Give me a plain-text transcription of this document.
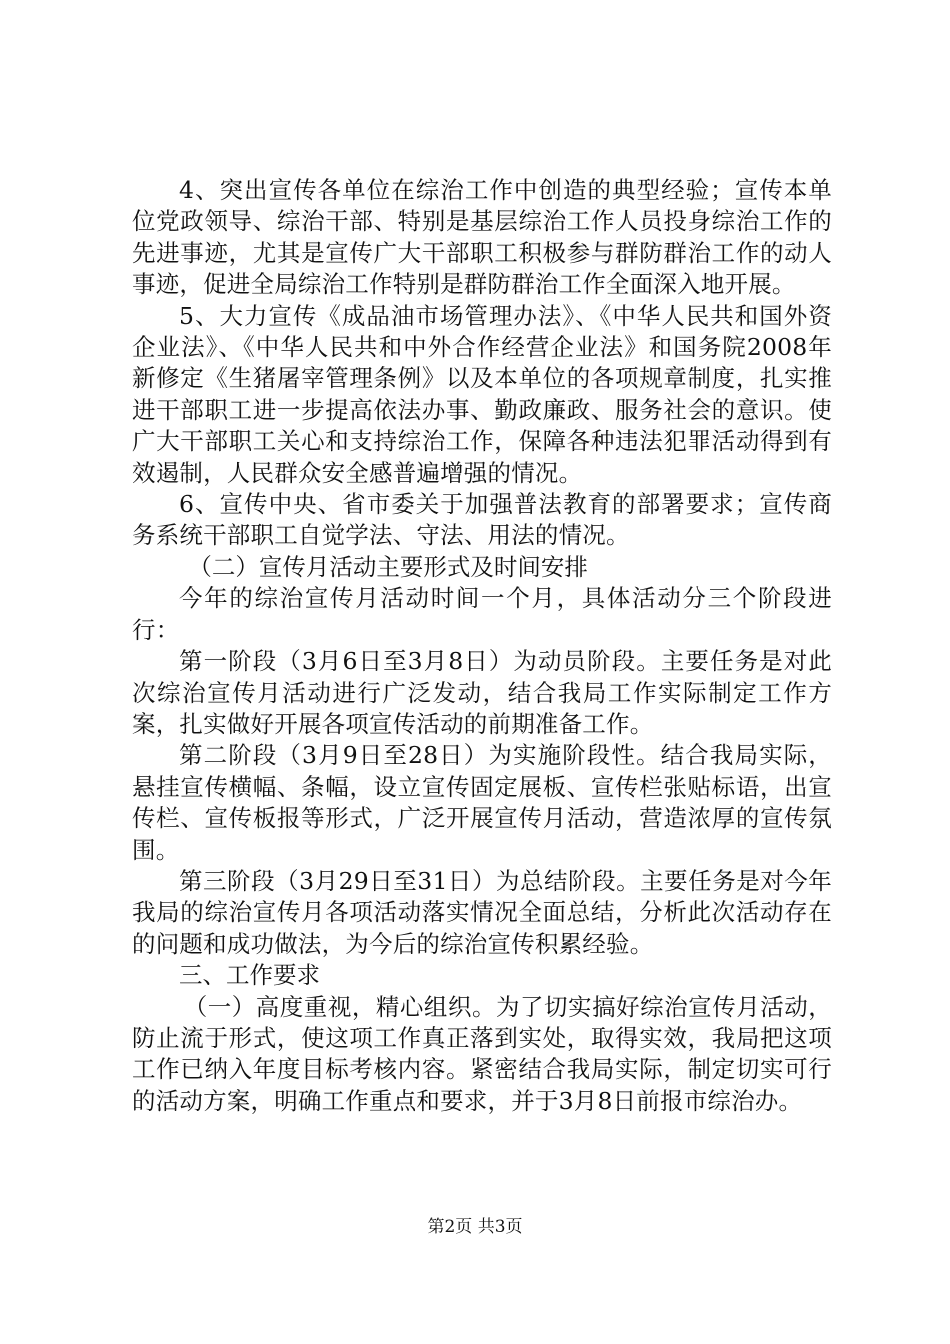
4、突出宣传各单位在综治工作中创造的典型经验；宣传本单位党政领导、综治干部、特别是基层综治工作人员投身综治工作的先进事迹，尤其是宣传广大干部职工积极参与群防群治工作的动人事迹，促进全局综治工作特别是群防群治工作全面深入地开展。

5、大力宣传《成品油市场管理办法》、《中华人民共和国外资企业法》、《中华人民共和中外合作经营企业法》和国务院2008年新修定《生猪屠宰管理条例》以及本单位的各项规章制度，扎实推进干部职工进一步提高依法办事、勤政廉政、服务社会的意识。使广大干部职工关心和支持综治工作，保障各种违法犯罪活动得到有效遏制，人民群众安全感普遍增强的情况。

6、宣传中央、省市委关于加强普法教育的部署要求；宣传商务系统干部职工自觉学法、守法、用法的情况。

（二）宣传月活动主要形式及时间安排

今年的综治宣传月活动时间一个月，具体活动分三个阶段进行：

第一阶段（3月6日至3月8日）为动员阶段。主要任务是对此次综治宣传月活动进行广泛发动，结合我局工作实际制定工作方案，扎实做好开展各项宣传活动的前期准备工作。

第二阶段（3月9日至28日）为实施阶段性。结合我局实际，悬挂宣传横幅、条幅，设立宣传固定展板、宣传栏张贴标语，出宣传栏、宣传板报等形式，广泛开展宣传月活动，营造浓厚的宣传氛围。

第三阶段（3月29日至31日）为总结阶段。主要任务是对今年我局的综治宣传月各项活动落实情况全面总结，分析此次活动存在的问题和成功做法，为今后的综治宣传积累经验。

三、工作要求

（一）高度重视，精心组织。为了切实搞好综治宣传月活动，防止流于形式，使这项工作真正落到实处，取得实效，我局把这项工作已纳入年度目标考核内容。紧密结合我局实际，制定切实可行的活动方案，明确工作重点和要求，并于3月8日前报市综治办。

第2页 共3页
